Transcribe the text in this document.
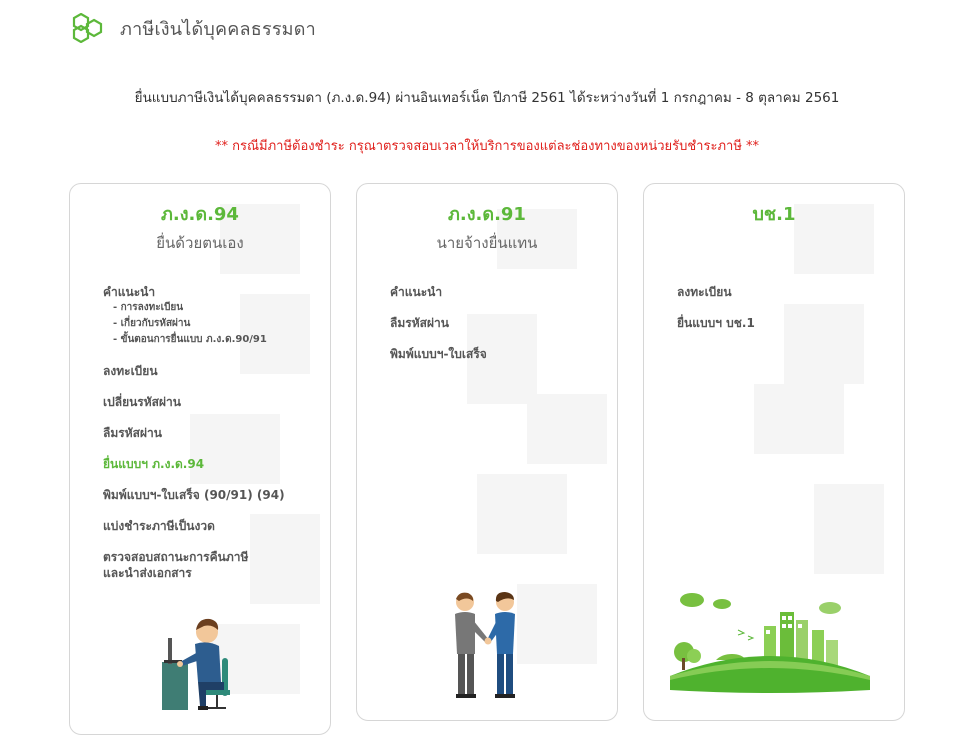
ภาษีเงินได้บุคคลธรรมดา
ยื่นแบบภาษีเงินได้บุคคลธรรมดา (ภ.ง.ด.94) ผ่านอินเทอร์เน็ต ปีภาษี 2561 ได้ระหว่างวันที่ 1 กรกฎาคม - 8 ตุลาคม 2561
** กรณีมีภาษีต้องชำระ กรุณาตรวจสอบเวลาให้บริการของแต่ละช่องทางของหน่วยรับชำระภาษี **
ภ.ง.ด.94
ยื่นด้วยตนเอง
คำแนะนำ
- การลงทะเบียน
- เกี่ยวกับรหัสผ่าน
- ขั้นตอนการยื่นแบบ ภ.ง.ด.90/91
ลงทะเบียน
เปลี่ยนรหัสผ่าน
ลืมรหัสผ่าน
ยื่นแบบฯ ภ.ง.ด.94
พิมพ์แบบฯ-ใบเสร็จ (90/91) (94)
แบ่งชำระภาษีเป็นงวด
ตรวจสอบสถานะการคืนภาษี
และนำส่งเอกสาร
ภ.ง.ด.91
นายจ้างยื่นแทน
คำแนะนำ
ลืมรหัสผ่าน
พิมพ์แบบฯ-ใบเสร็จ
บช.1
ลงทะเบียน
ยื่นแบบฯ บช.1
